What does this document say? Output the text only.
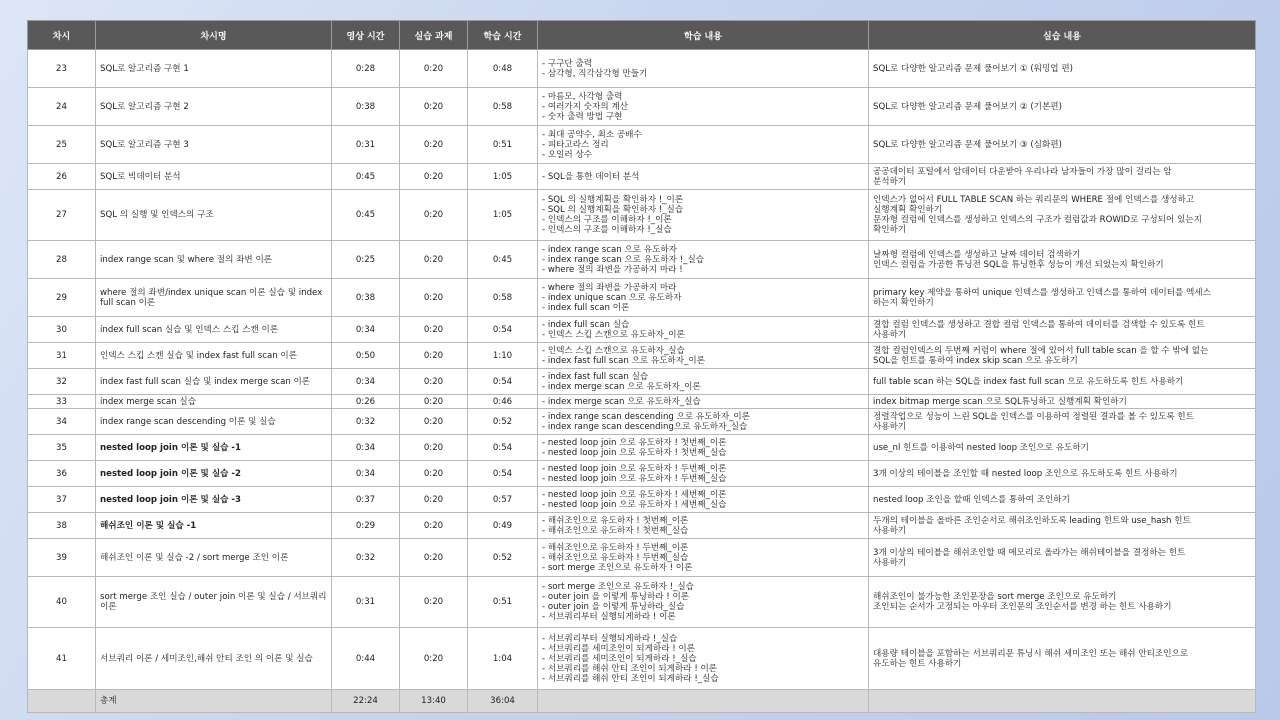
차시	차시명	영상 시간	실습 과제	학습 시간	학습 내용	실습 내용
23	SQL로 알고리즘 구현 1	0:28	0:20	0:48	- 구구단 출력
- 삼각형, 직각삼각형 만들기	SQL로 다양한 알고리즘 문제 풀어보기 ① (워밍업 편)

24	SQL로 알고리즘 구현 2	0:38	0:20	0:58	- 마름모, 사각형 출력
- 여러가지 숫자의 계산
- 숫자 출력 방법 구현	SQL로 다양한 알고리즘 문제 풀어보기 ② (기본편)

25	SQL로 알고리즘 구현 3	0:31	0:20	0:51	- 최대 공약수, 최소 공배수
- 피타고라스 정리
- 오일러 상수	SQL로 다양한 알고리즘 문제 풀어보기 ③ (심화편)

26	SQL로 빅데이터 분석	0:45	0:20	1:05	- SQL을 통한 데이터 분석	공공데이터 포털에서 암데이터 다운받아 우리나라 남자들이 가장 많이 걸리는 암
분석하기

27	SQL 의 실행 및 인덱스의 구조	0:45	0:20	1:05	- SQL 의 실행계획을 확인하자 !_이론
- SQL 의 실행계획을 확인하자 !_실습
- 인덱스의 구조를 이해하자 !_이론
- 인덱스의 구조를 이해하자 !_실습	인덱스가 없어서 FULL TABLE SCAN 하는 쿼리문의 WHERE 절에 인덱스를 생성하고
실행계획 확인하기
문자형 컬럼에 인덱스를 생성하고 인덱스의 구조가 컬럼값과 ROWID로 구성되어 있는지
확인하기

28	index range scan 및 where 절의 좌변 이론	0:25	0:20	0:45	- index range scan 으로 유도하자
- index range scan 으로 유도하자 !_실습
- where 절의 좌변을 가공하지 마라 !	날짜형 컬럼에 인덱스를 생성하고 날짜 데이터 검색하기
인덱스 컬럼을 가공한 튜닝전 SQL을 튜닝한후 성능이 개선 되었는지 확인하기

29	where 절의 좌변/index unique scan 이론 실습 및 index full scan 이론	0:38	0:20	0:58	- where 절의 좌변을 가공하지 마라
- index unique scan 으로 유도하자
- index full scan 이론	primary key 제약을 통하여 unique 인덱스를 생성하고 인덱스를 통하여 데이터를 엑세스
하는지 확인하기

30	index full scan 실습 및 인덱스 스킵 스캔 이론	0:34	0:20	0:54	- index full scan 실습
- 인덱스 스킵 스캔으로 유도하자_이론	결합 컬럼 인덱스를 생성하고 결합 컬럼 인덱스를 통하여 데이터를 검색할 수 있도록 힌트
사용하기

31	인덱스 스킵 스캔 실습 및 index fast full scan 이론	0:50	0:20	1:10	- 인덱스 스킵 스캔으로 유도하자_실습
- index fast full scan 으로 유도하자_이론	결합 컬럼인덱스의 두번째 커럼이 where 절에 있어서 full table scan 을 할 수 밖에 없는
SQL을 힌트를 통하여 index skip scan 으로 유도하기

32	index fast full scan 실습 및 index merge scan 이론	0:34	0:20	0:54	- index fast full scan 실습
- index merge scan 으로 유도하자_이론	full table scan 하는 SQL을 index fast full scan 으로 유도하도록 힌트 사용하기

33	index merge scan 실습	0:26	0:20	0:46	- index merge scan 으로 유도하자_실습	index bitmap merge scan 으로 SQL튜닝하고 실행계획 확인하기

34	index range scan descending 이론 및 실습	0:32	0:20	0:52	- index range scan descending 으로 유도하자_이론
- index range scan descending으로 유도하자_실습	정렬작업으로 성능이 느린 SQL을 인덱스를 이용하여 정렬된 결과를 볼 수 있도록 힌트
사용하기

35	nested loop join 이론 및 실습 -1	0:34	0:20	0:54	- nested loop join 으로 유도하자 ! 첫번째_이론
- nested loop join 으로 유도하자 ! 첫번째_실습	use_nl 힌트를 이용하여 nested loop 조인으로 유도하기

36	nested loop join 이론 및 실습 -2	0:34	0:20	0:54	- nested loop join 으로 유도하자 ! 두번째_이론
- nested loop join 으로 유도하자 ! 두번째_실습	3개 이상의 테이블을 조인할 때 nested loop 조인으로 유도하도록 힌트 사용하기

37	nested loop join 이론 및 실습 -3	0:37	0:20	0:57	- nested loop join 으로 유도하자 ! 세번째_이론
- nested loop join 으로 유도하자 ! 세번째_실습	nested loop 조인을 할때 인덱스를 통하여 조인하기

38	해쉬조인 이론 및 실습 -1	0:29	0:20	0:49	- 해쉬조인으로 유도하자 ! 첫번째_이론
- 해쉬조인으로 유도하자 ! 첫번째_실습	두개의 테이블을 올바른 조인순서로 해쉬조인하도록 leading 힌트와 use_hash 힌트
사용하기

39	해쉬조인 이론 및 실습 -2 / sort merge 조인 이론	0:32	0:20	0:52	- 해쉬조인으로 유도하자 ! 두번째_이론
- 해쉬조인으로 유도하자 ! 두번째_실습
- sort merge 조인으로 유도하자 ! 이론	3개 이상의 테이블을 해쉬조인할 때 메모리로 올라가는 해쉬테이블을 결정하는 힌트
사용하기

40	sort merge 조인 실습 / outer join 이론 및 실습 / 서브쿼리 이론	0:31	0:20	0:51	- sort merge 조인으로 유도하자 !_실습
- outer join 을 이렇게 튜닝하라 ! 이론
- outer join 을 이렇게 튜닝하라_실습
- 서브쿼리부터 실행되게하라 ! 이론	해쉬조인이 불가능한 조인문장을 sort merge 조인으로 유도하기
조인되는 순서가 고정되는 아우터 조인문의 조인순서를 변경 하는 힌트 사용하기

41	서브쿼리 이론 / 세미조인,해쉬 안티 조인 의 이론 및 실습	0:44	0:20	1:04	- 서브쿼리부터 실행되게하라 !_실습
- 서브쿼리를 세미조인이 되게하라 ! 이론
- 서브쿼리를 세미조인이 되게하라 !_실습
- 서브쿼리를 해쉬 안티 조인이 되게하라 ! 이론
- 서브쿼리를 해쉬 안티 조인이 되게하라 !_실습	대용량 테이블을 포함하는 서브쿼리문 튜닝시 해쉬 세미조인 또는 해쉬 안티조인으로
유도하는 힌트 사용하기

	총계	22:24	13:40	36:04		
